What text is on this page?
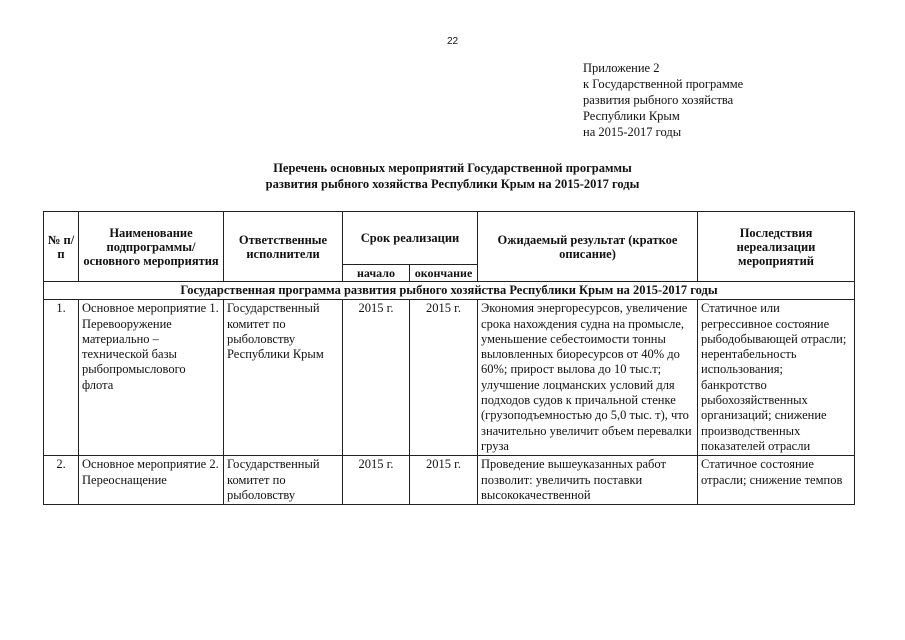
22
Приложение 2
к Государственной программе
развития рыбного хозяйства
Республики Крым
на 2015-2017 годы
Перечень основных мероприятий Государственной программы
развития рыбного хозяйства Республики Крым на 2015-2017 годы
№ п/п	Наименование подпрограммы/ основного мероприятия	Ответственные исполнители	Срок реализации		Ожидаемый результат (краткое описание)	Последствия нереализации мероприятий
			начало	окончание		
Государственная программа развития рыбного хозяйства Республики Крым на 2015-2017 годы						
1.	Основное мероприятие 1. Перевооружение материально – технической базы рыбопромыслового флота	Государственный комитет по рыболовству Республики Крым	2015 г.	2015 г.	Экономия энергоресурсов, увеличение срока нахождения судна на промысле, уменьшение себестоимости тонны выловленных биоресурсов от 40% до 60%; прирост вылова до 10 тыс.т; улучшение лоцманских условий для подходов судов к причальной стенке (грузоподъемностью до 5,0 тыс. т), что значительно увеличит объем перевалки груза	Статичное или регрессивное состояние рыбодобывающей отрасли; нерентабельность использования; банкротство рыбохозяйственных организаций; снижение производственных показателей отрасли
2.	Основное мероприятие 2. Переоснащение	Государственный комитет по рыболовству	2015 г.	2015 г.	Проведение вышеуказанных работ позволит: увеличить поставки высококачественной	Статичное состояние отрасли; снижение темпов
